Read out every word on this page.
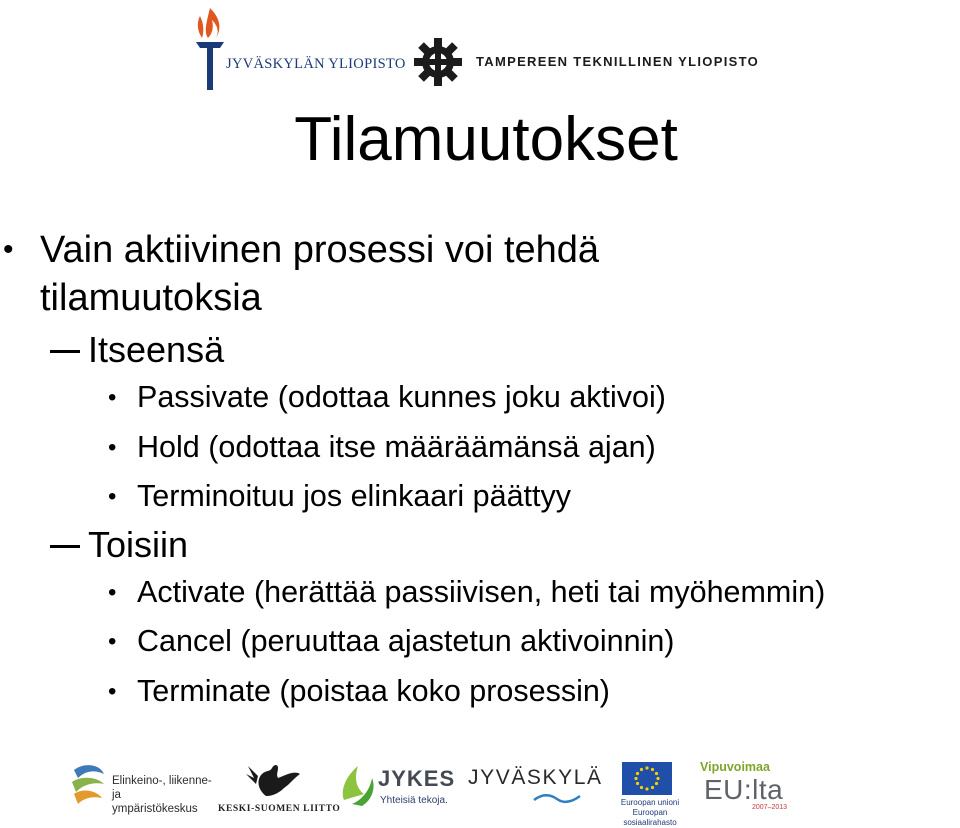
JYVÄSKYLÄN YLIOPISTO	TAMPEREEN TEKNILLINEN YLIOPISTO
Tilamuutokset
• Vain aktiivinen prosessi voi tehdä
tilamuutoksia
Itseensä
• Passivate (odottaa kunnes joku aktivoi)
• Hold (odottaa itse määräämänsä ajan)
• Terminoituu jos elinkaari päättyy
Toisiin
• Activate (herättää passiivisen, heti tai myöhemmin)
• Cancel (peruuttaa ajastetun aktivoinnin)
• Terminate (poistaa koko prosessin)
Elinkeino-, liikenne- ja
ympäristökeskus	KESKI-SUOMEN LIITTO
JYKES
Yhteisiä tekoja.
JYVÄSKYLÄ
Euroopan unioni
Euroopan sosiaalirahasto
Vipuvoimaa
EU:lta
2007–2013
